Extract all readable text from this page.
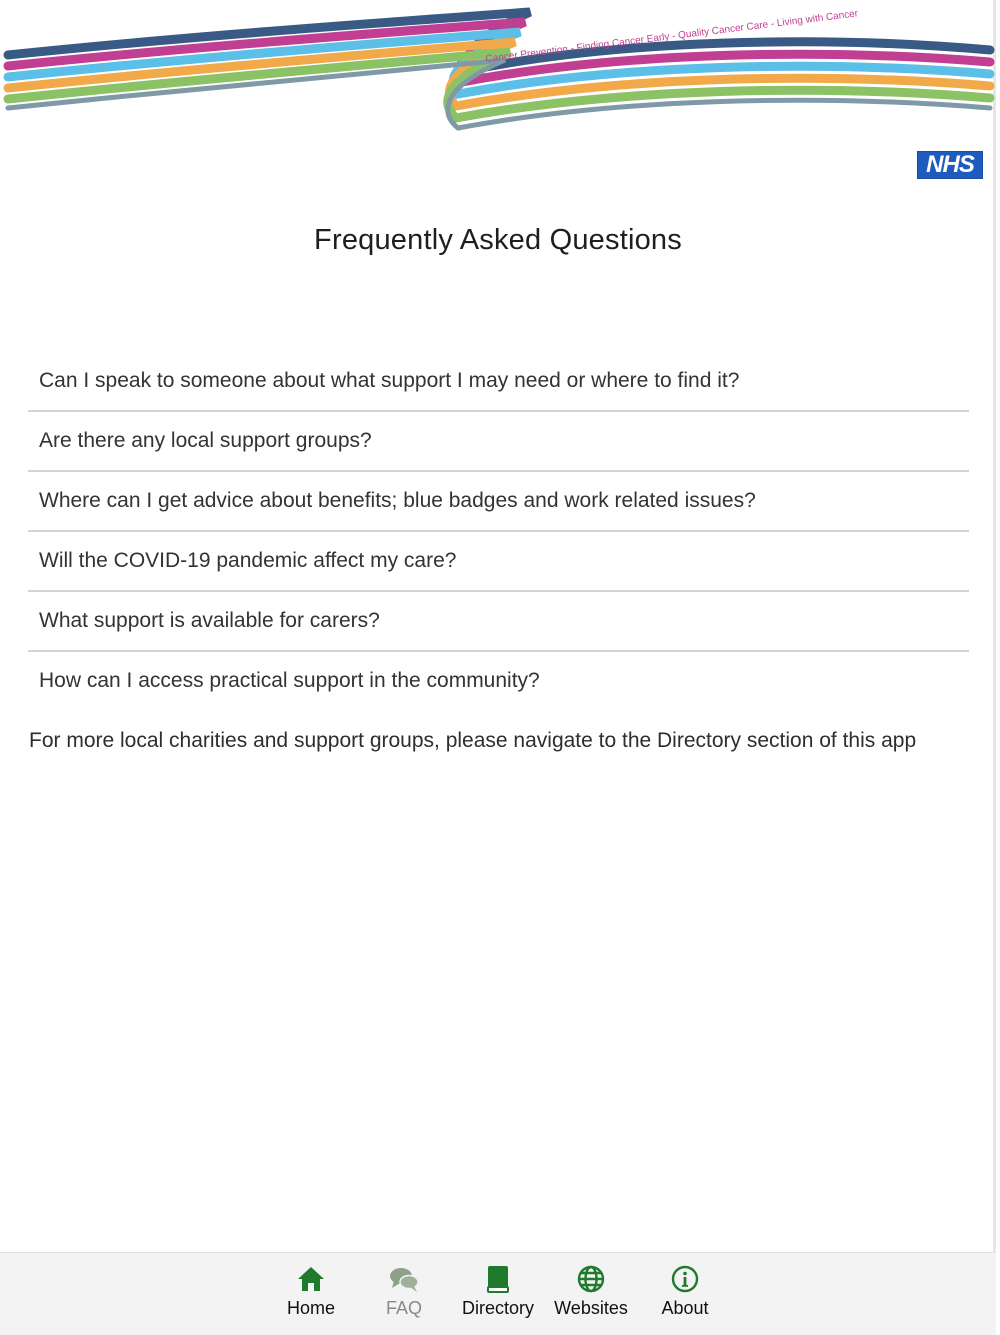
Cancer Prevention - Finding Cancer Early - Quality Cancer Care - Living with Cancer
NHS
Frequently Asked Questions
Can I speak to someone about what support I may need or where to find it?
Are there any local support groups?
Where can I get advice about benefits; blue badges and work related issues?
Will the COVID-19 pandemic affect my care?
What support is available for carers?
How can I access practical support in the community?
For more local charities and support groups, please navigate to the Directory section of this app
Home	FAQ Directory Websites About
